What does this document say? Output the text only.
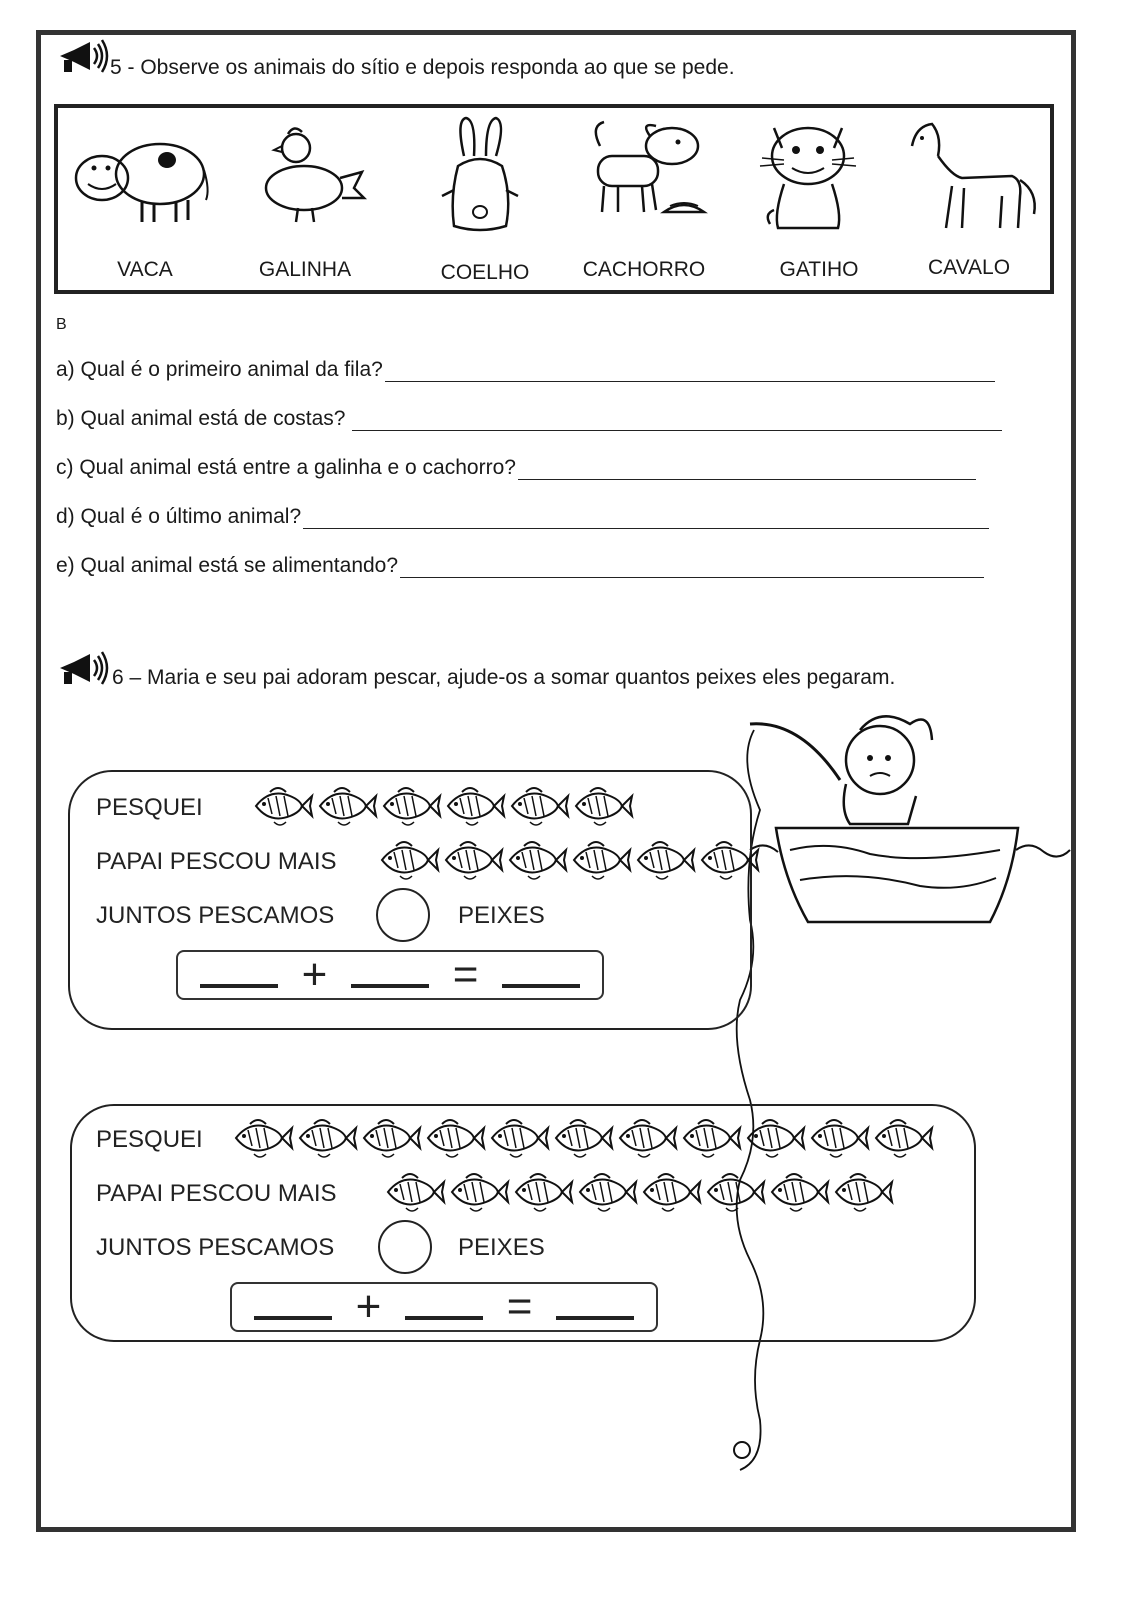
5 - Observe os animais do sítio e depois responda ao que se pede.
VACA	GALINHA	COELHO	CACHORRO	GATIHO	CAVALO
B
a) Qual é o primeiro animal da fila?
b) Qual animal está de costas?
c) Qual animal está entre a galinha e o cachorro?
d) Qual é o último animal?
e) Qual animal está se alimentando?
6 – Maria e seu pai adoram pescar, ajude-os a somar quantos peixes eles pegaram.
PESQUEI
PAPAI PESCOU MAIS
JUNTOS PESCAMOS	PEIXES
+	=
PESQUEI
PAPAI PESCOU MAIS
JUNTOS PESCAMOS	PEIXES
+	=
